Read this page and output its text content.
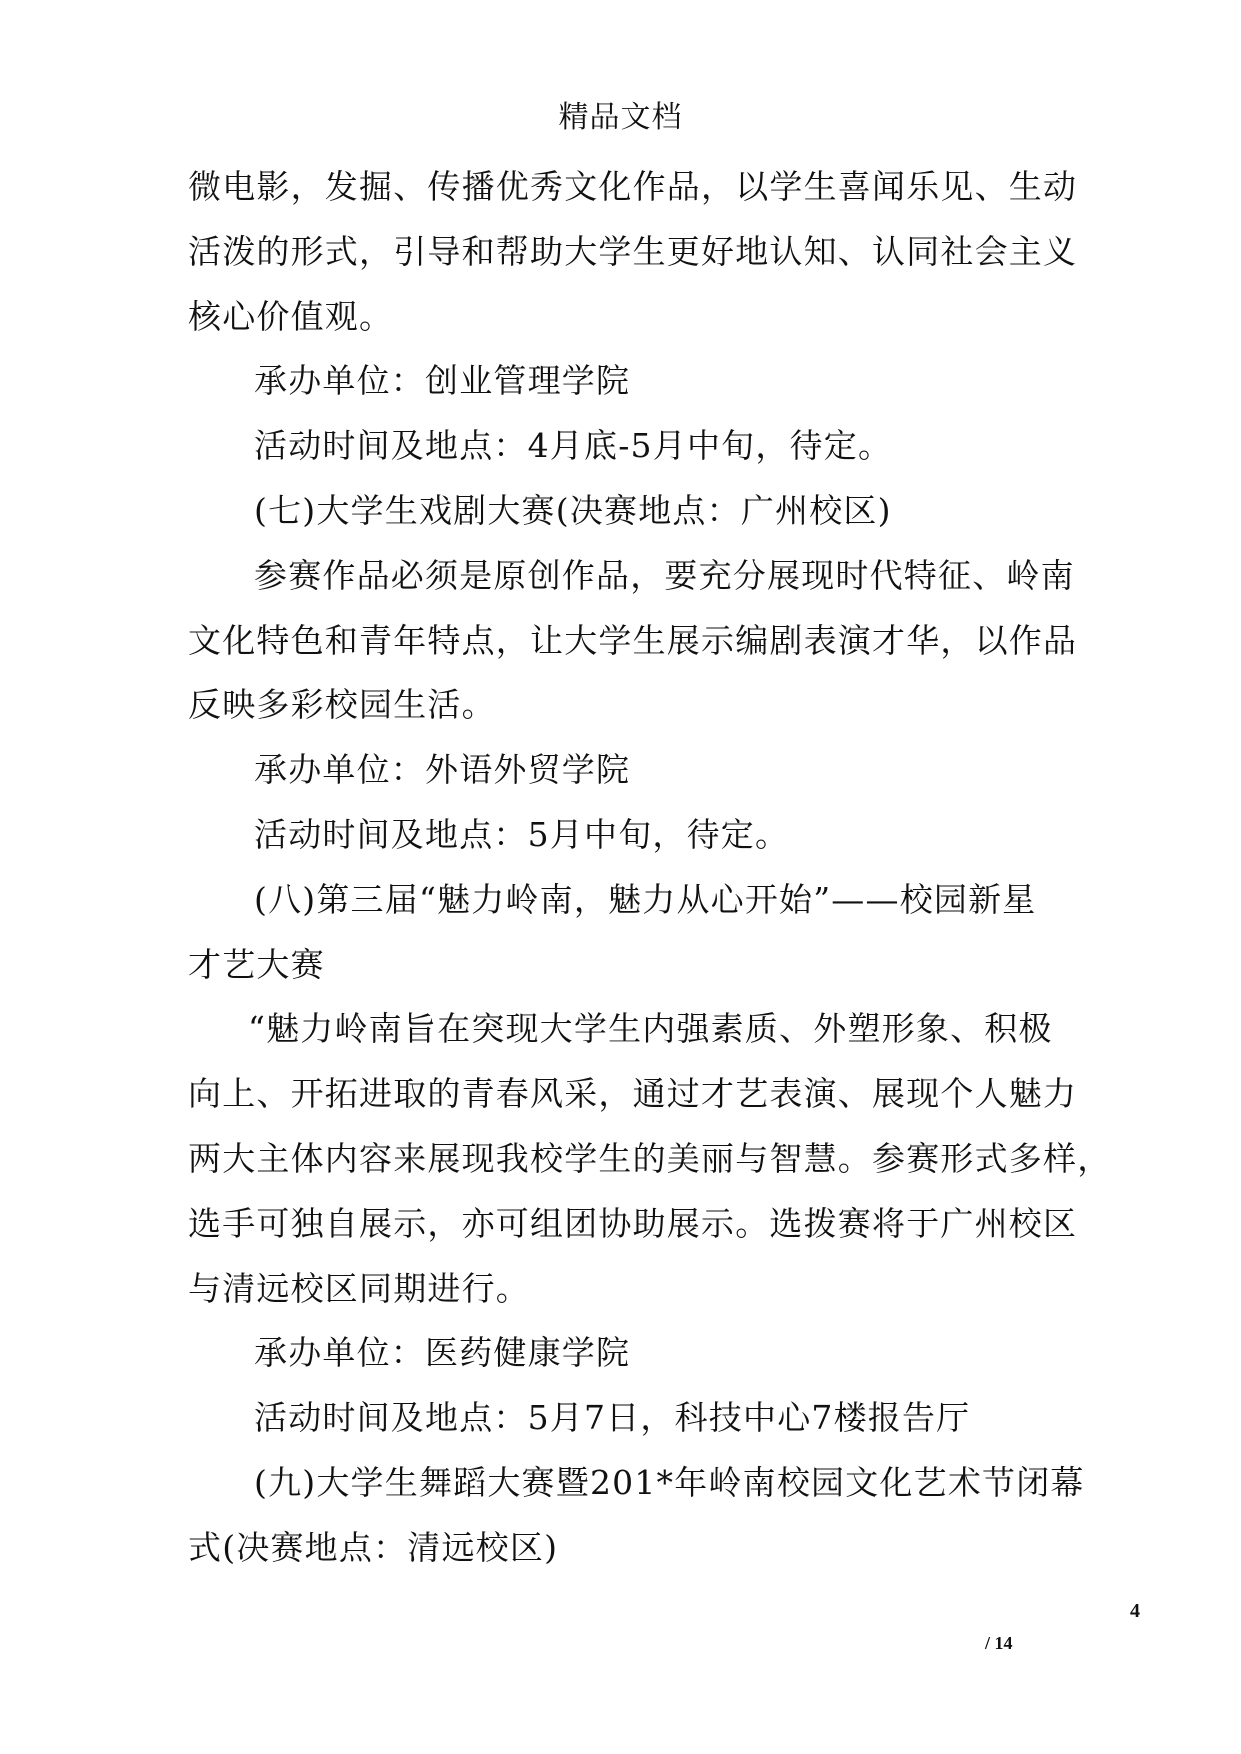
精品文档
微电影，发掘、传播优秀文化作品，以学生喜闻乐见、生动
活泼的形式，引导和帮助大学生更好地认知、认同社会主义
核心价值观。
承办单位：创业管理学院
活动时间及地点：4月底-5月中旬，待定。
(七)大学生戏剧大赛(决赛地点：广州校区)
参赛作品必须是原创作品，要充分展现时代特征、岭南
文化特色和青年特点，让大学生展示编剧表演才华，以作品
反映多彩校园生活。
承办单位：外语外贸学院
活动时间及地点：5月中旬，待定。
(八)第三届“魅力岭南，魅力从心开始”——校园新星
才艺大赛
“魅力岭南旨在突现大学生内强素质、外塑形象、积极
向上、开拓进取的青春风采，通过才艺表演、展现个人魅力
两大主体内容来展现我校学生的美丽与智慧。参赛形式多样，
选手可独自展示，亦可组团协助展示。选拨赛将于广州校区
与清远校区同期进行。
承办单位：医药健康学院
活动时间及地点：5月7日，科技中心7楼报告厅
(九)大学生舞蹈大赛暨201*年岭南校园文化艺术节闭幕
式(决赛地点：清远校区)
4
/ 14
